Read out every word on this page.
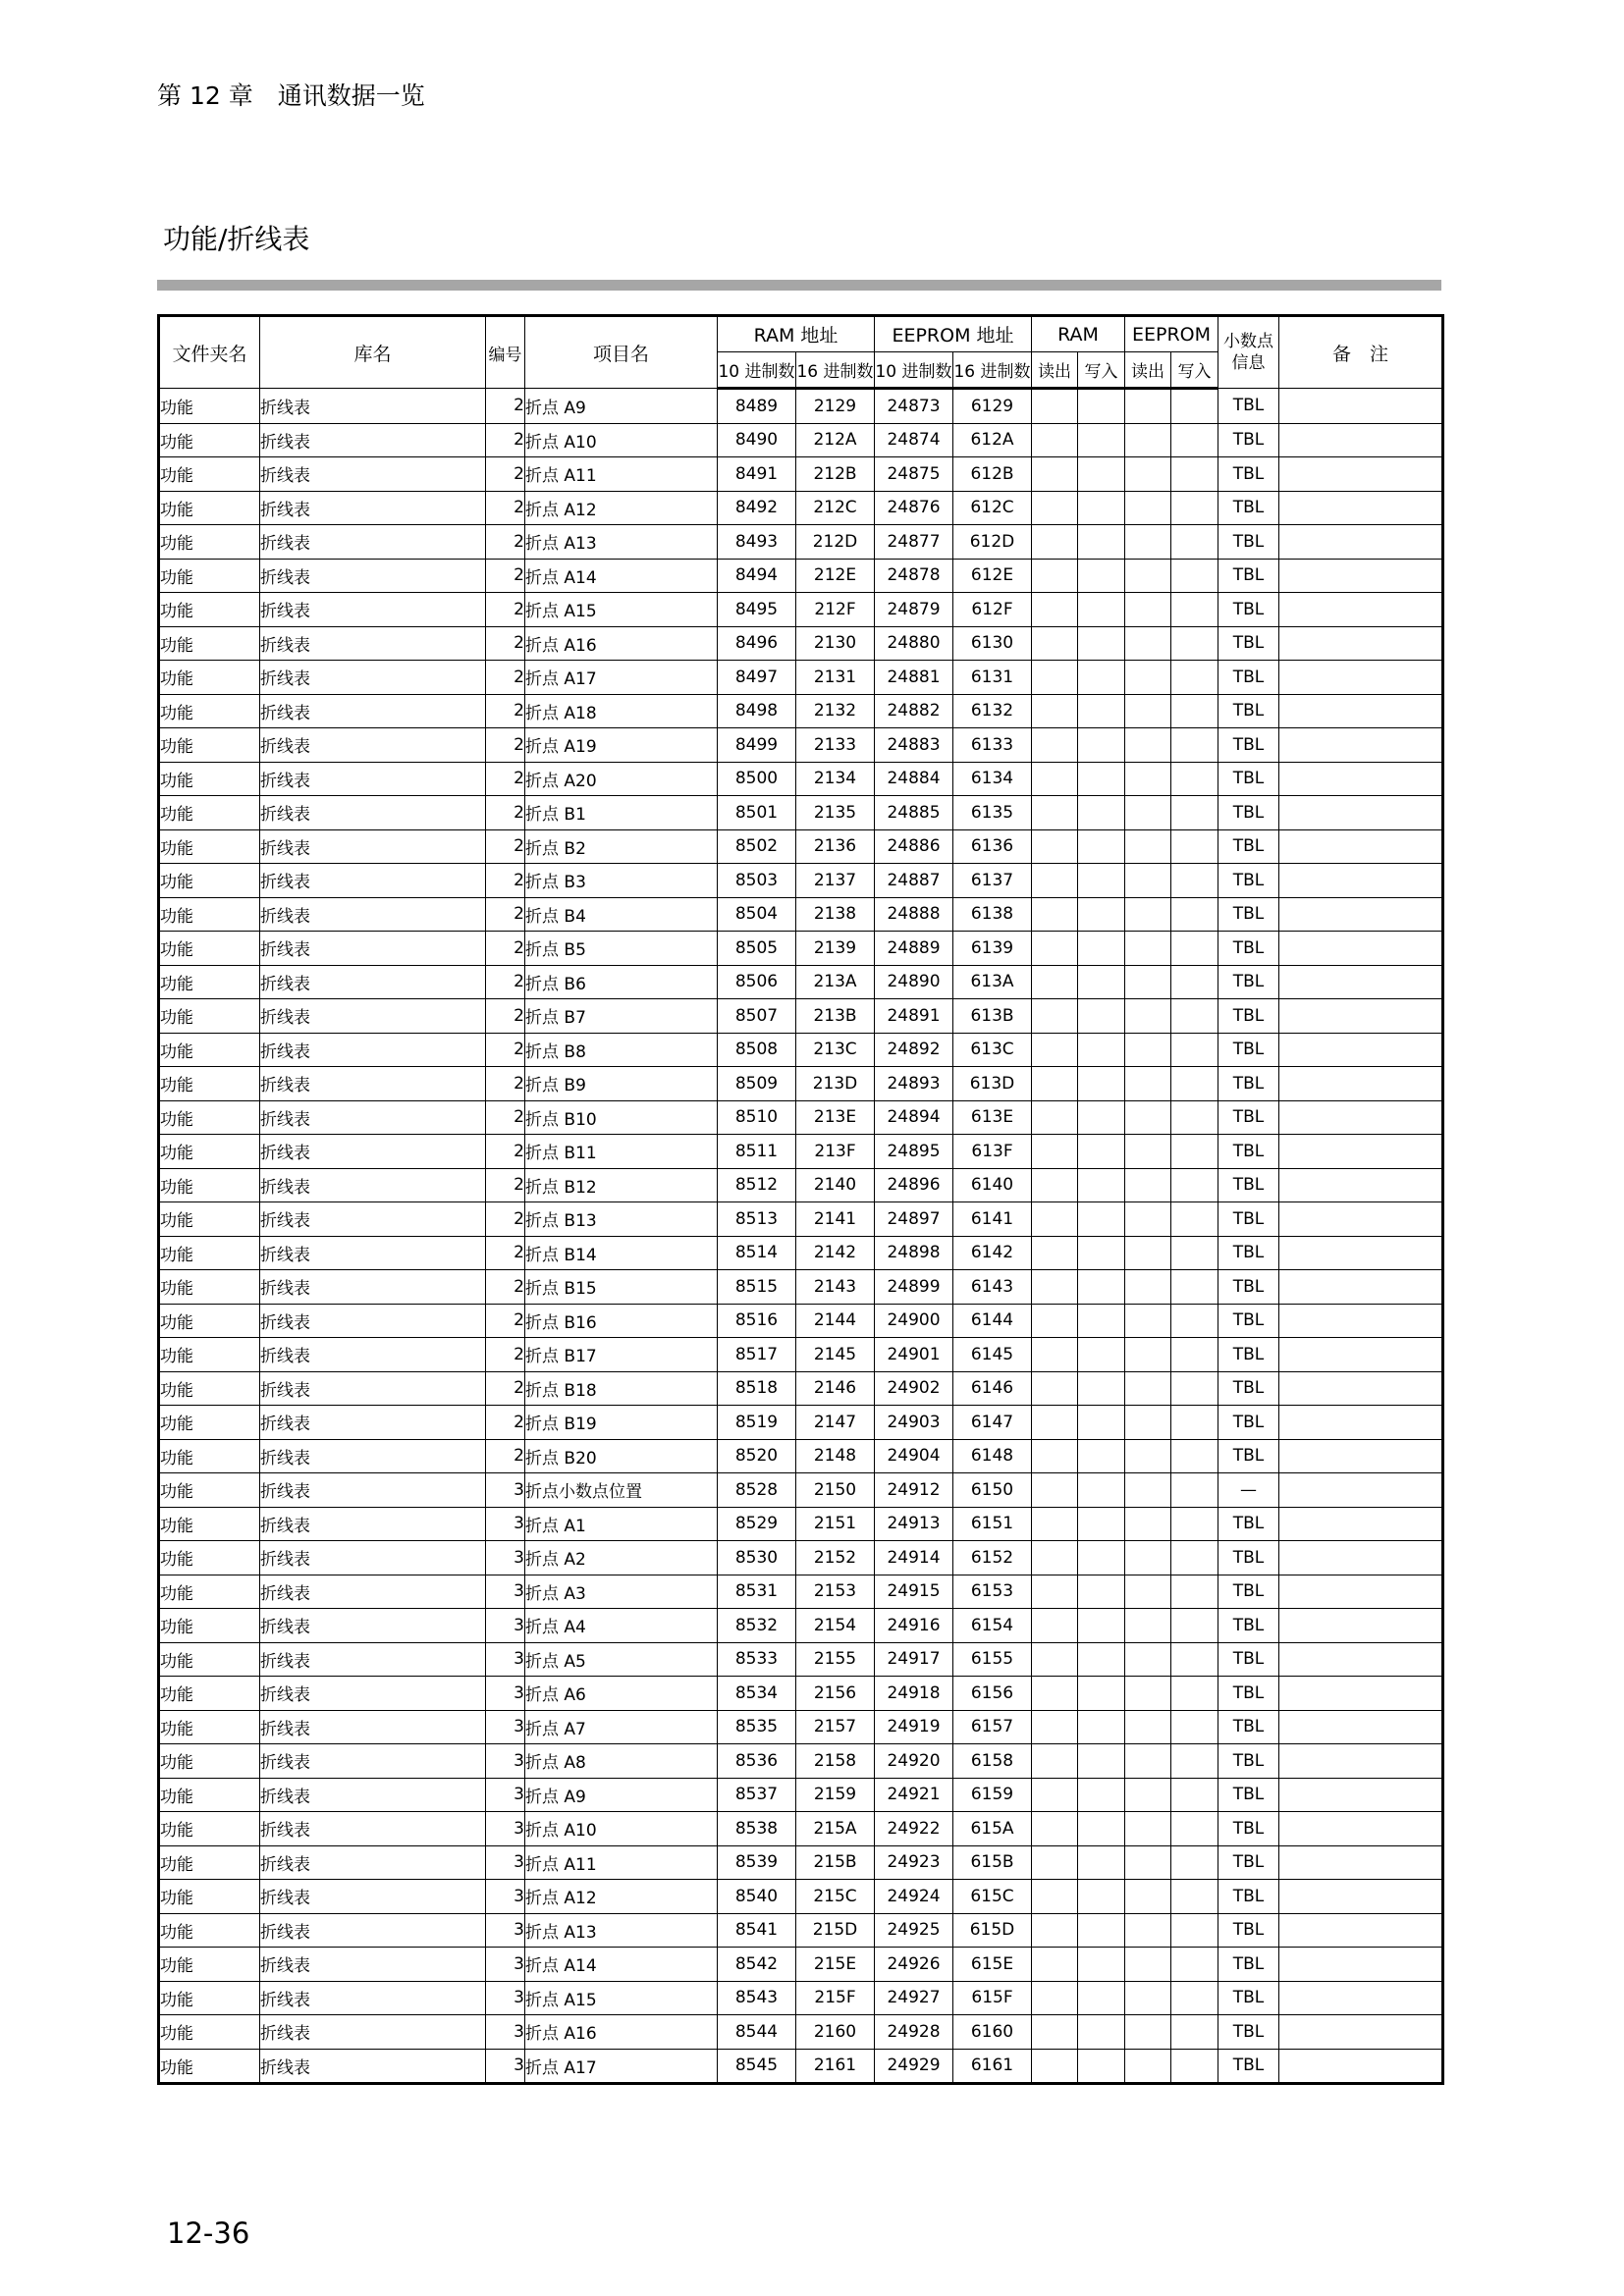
第 12 章　通讯数据一览
功能/折线表
文件夹名	库名	编号	项目名	RAM 地址		EEPROM 地址		RAM		EEPROM		小数点信息	备　注
				10 进制数	16 进制数	10 进制数	16 进制数	读出	写入	读出	写入		
功能	折线表	2	折点 A9	8489	2129	24873	6129					TBL	
功能	折线表	2	折点 A10	8490	212A	24874	612A					TBL	
功能	折线表	2	折点 A11	8491	212B	24875	612B					TBL	
功能	折线表	2	折点 A12	8492	212C	24876	612C					TBL	
功能	折线表	2	折点 A13	8493	212D	24877	612D					TBL	
功能	折线表	2	折点 A14	8494	212E	24878	612E					TBL	
功能	折线表	2	折点 A15	8495	212F	24879	612F					TBL	
功能	折线表	2	折点 A16	8496	2130	24880	6130					TBL	
功能	折线表	2	折点 A17	8497	2131	24881	6131					TBL	
功能	折线表	2	折点 A18	8498	2132	24882	6132					TBL	
功能	折线表	2	折点 A19	8499	2133	24883	6133					TBL	
功能	折线表	2	折点 A20	8500	2134	24884	6134					TBL	
功能	折线表	2	折点 B1	8501	2135	24885	6135					TBL	
功能	折线表	2	折点 B2	8502	2136	24886	6136					TBL	
功能	折线表	2	折点 B3	8503	2137	24887	6137					TBL	
功能	折线表	2	折点 B4	8504	2138	24888	6138					TBL	
功能	折线表	2	折点 B5	8505	2139	24889	6139					TBL	
功能	折线表	2	折点 B6	8506	213A	24890	613A					TBL	
功能	折线表	2	折点 B7	8507	213B	24891	613B					TBL	
功能	折线表	2	折点 B8	8508	213C	24892	613C					TBL	
功能	折线表	2	折点 B9	8509	213D	24893	613D					TBL	
功能	折线表	2	折点 B10	8510	213E	24894	613E					TBL	
功能	折线表	2	折点 B11	8511	213F	24895	613F					TBL	
功能	折线表	2	折点 B12	8512	2140	24896	6140					TBL	
功能	折线表	2	折点 B13	8513	2141	24897	6141					TBL	
功能	折线表	2	折点 B14	8514	2142	24898	6142					TBL	
功能	折线表	2	折点 B15	8515	2143	24899	6143					TBL	
功能	折线表	2	折点 B16	8516	2144	24900	6144					TBL	
功能	折线表	2	折点 B17	8517	2145	24901	6145					TBL	
功能	折线表	2	折点 B18	8518	2146	24902	6146					TBL	
功能	折线表	2	折点 B19	8519	2147	24903	6147					TBL	
功能	折线表	2	折点 B20	8520	2148	24904	6148					TBL	
功能	折线表	3	折点小数点位置	8528	2150	24912	6150					—	
功能	折线表	3	折点 A1	8529	2151	24913	6151					TBL	
功能	折线表	3	折点 A2	8530	2152	24914	6152					TBL	
功能	折线表	3	折点 A3	8531	2153	24915	6153					TBL	
功能	折线表	3	折点 A4	8532	2154	24916	6154					TBL	
功能	折线表	3	折点 A5	8533	2155	24917	6155					TBL	
功能	折线表	3	折点 A6	8534	2156	24918	6156					TBL	
功能	折线表	3	折点 A7	8535	2157	24919	6157					TBL	
功能	折线表	3	折点 A8	8536	2158	24920	6158					TBL	
功能	折线表	3	折点 A9	8537	2159	24921	6159					TBL	
功能	折线表	3	折点 A10	8538	215A	24922	615A					TBL	
功能	折线表	3	折点 A11	8539	215B	24923	615B					TBL	
功能	折线表	3	折点 A12	8540	215C	24924	615C					TBL	
功能	折线表	3	折点 A13	8541	215D	24925	615D					TBL	
功能	折线表	3	折点 A14	8542	215E	24926	615E					TBL	
功能	折线表	3	折点 A15	8543	215F	24927	615F					TBL	
功能	折线表	3	折点 A16	8544	2160	24928	6160					TBL	
功能	折线表	3	折点 A17	8545	2161	24929	6161					TBL	
12-36
